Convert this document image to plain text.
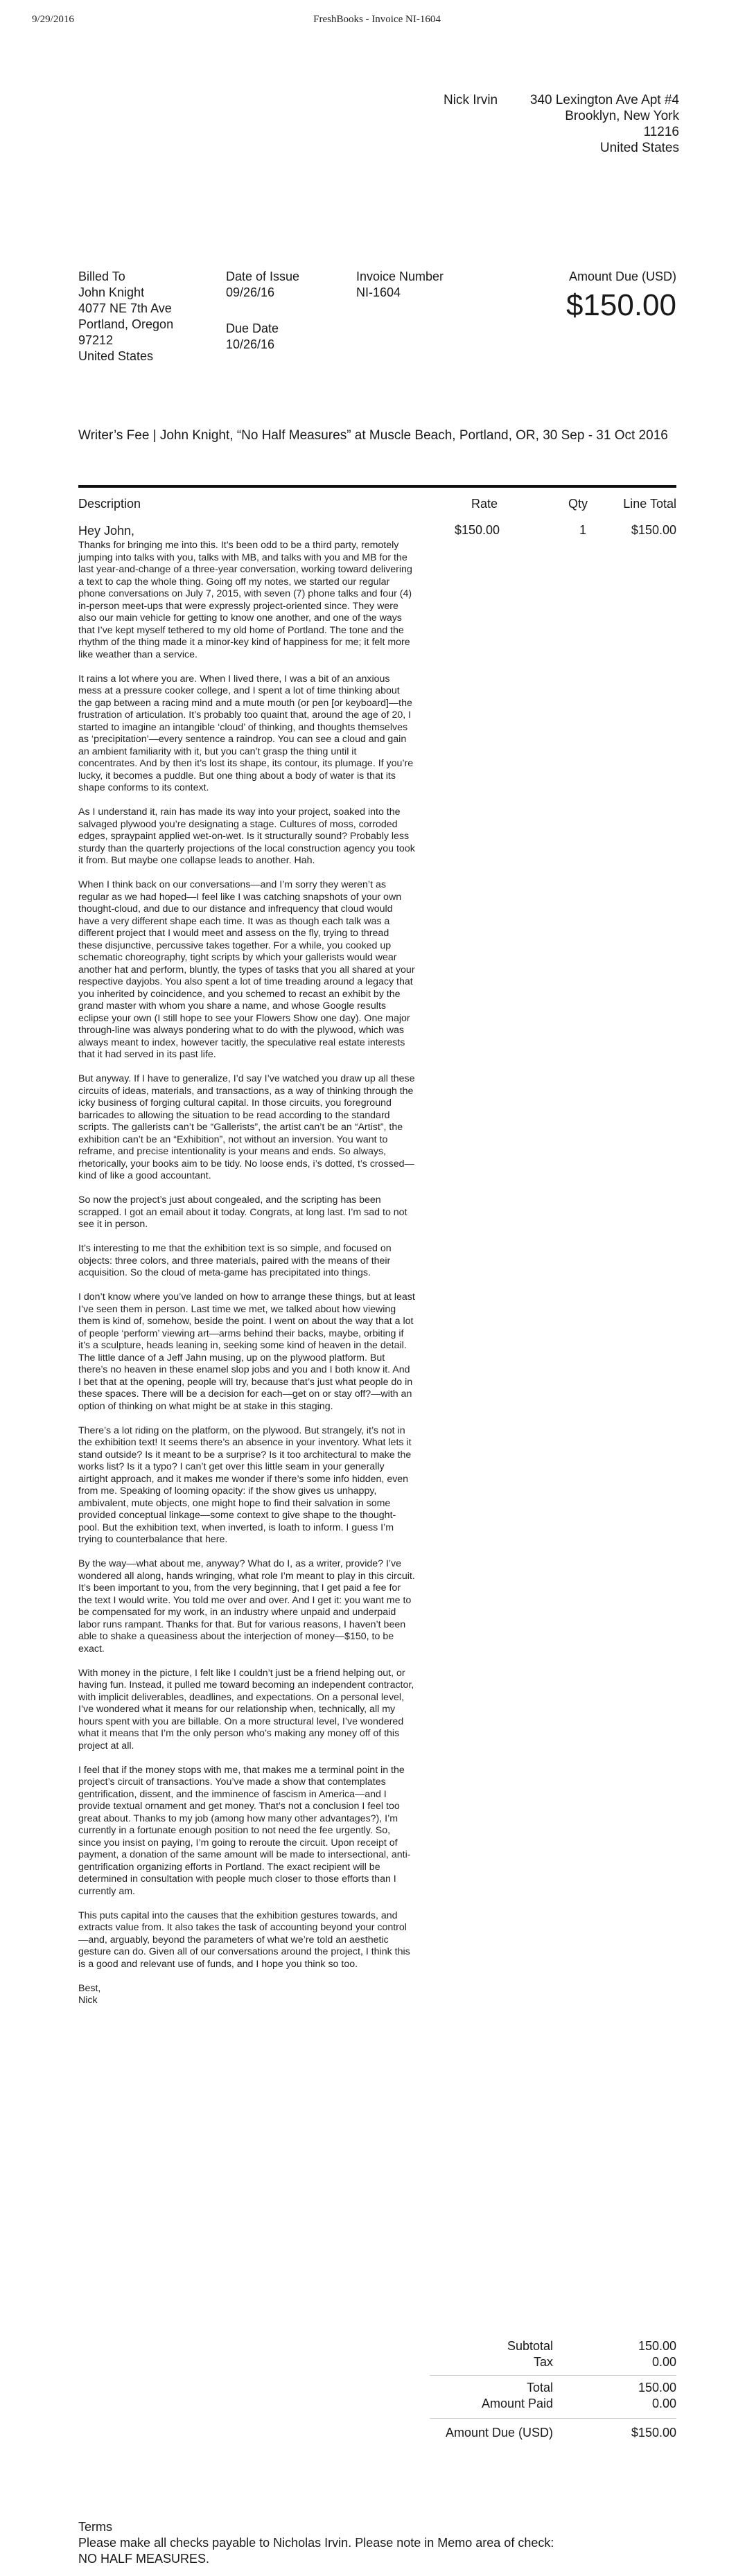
9/29/2016	FreshBooks - Invoice NI-1604
Nick Irvin	340 Lexington Ave Apt #4
Brooklyn, New York
11216
United States
Billed To
John Knight
4077 NE 7th Ave
Portland, Oregon
97212
United States
Date of Issue
09/26/16
Due Date
10/26/16
Invoice Number
NI-1604
Amount Due (USD)
$150.00
Writer’s Fee | John Knight, “No Half Measures” at Muscle Beach, Portland, OR, 30 Sep - 31 Oct 2016
Description	Rate	Qty	Line Total
$150.00	1	$150.00
Hey John,

Thanks for bringing me into this. It’s been odd to be a third party, remotely jumping into talks with you, talks with MB, and talks with you and MB for the last year-and-change of a three-year conversation, working toward delivering a text to cap the whole thing. Going off my notes, we started our regular phone conversations on July 7, 2015, with seven (7) phone talks and four (4) in-person meet-ups that were expressly project-oriented since. They were also our main vehicle for getting to know one another, and one of the ways that I’ve kept myself tethered to my old home of Portland. The tone and the rhythm of the thing made it a minor-key kind of happiness for me; it felt more like weather than a service.

It rains a lot where you are. When I lived there, I was a bit of an anxious mess at a pressure cooker college, and I spent a lot of time thinking about the gap between a racing mind and a mute mouth (or pen [or keyboard]—the frustration of articulation. It’s probably too quaint that, around the age of 20, I started to imagine an intangible ‘cloud’ of thinking, and thoughts themselves as ‘precipitation’—every sentence a raindrop. You can see a cloud and gain an ambient familiarity with it, but you can’t grasp the thing until it concentrates. And by then it’s lost its shape, its contour, its plumage. If you’re lucky, it becomes a puddle. But one thing about a body of water is that its shape conforms to its context.

As I understand it, rain has made its way into your project, soaked into the salvaged plywood you’re designating a stage. Cultures of moss, corroded edges, spraypaint applied wet-on-wet. Is it structurally sound? Probably less sturdy than the quarterly projections of the local construction agency you took it from. But maybe one collapse leads to another. Hah.

When I think back on our conversations—and I’m sorry they weren’t as regular as we had hoped—I feel like I was catching snapshots of your own thought-cloud, and due to our distance and infrequency that cloud would have a very different shape each time. It was as though each talk was a different project that I would meet and assess on the fly, trying to thread these disjunctive, percussive takes together. For a while, you cooked up schematic choreography, tight scripts by which your gallerists would wear another hat and perform, bluntly, the types of tasks that you all shared at your respective dayjobs. You also spent a lot of time treading around a legacy that you inherited by coincidence, and you schemed to recast an exhibit by the grand master with whom you share a name, and whose Google results eclipse your own (I still hope to see your Flowers Show one day). One major through-line was always pondering what to do with the plywood, which was always meant to index, however tacitly, the speculative real estate interests that it had served in its past life.

But anyway. If I have to generalize, I’d say I’ve watched you draw up all these circuits of ideas, materials, and transactions, as a way of thinking through the icky business of forging cultural capital. In those circuits, you foreground barricades to allowing the situation to be read according to the standard scripts. The gallerists can’t be “Gallerists”, the artist can’t be an “Artist”, the exhibition can’t be an “Exhibition”, not without an inversion. You want to reframe, and precise intentionality is your means and ends. So always, rhetorically, your books aim to be tidy. No loose ends, i’s dotted, t’s crossed—kind of like a good accountant.

So now the project’s just about congealed, and the scripting has been scrapped. I got an email about it today. Congrats, at long last. I’m sad to not see it in person.

It’s interesting to me that the exhibition text is so simple, and focused on objects: three colors, and three materials, paired with the means of their acquisition. So the cloud of meta-game has precipitated into things.

I don’t know where you’ve landed on how to arrange these things, but at least I’ve seen them in person. Last time we met, we talked about how viewing them is kind of, somehow, beside the point. I went on about the way that a lot of people ‘perform’ viewing art—arms behind their backs, maybe, orbiting if it’s a sculpture, heads leaning in, seeking some kind of heaven in the detail. The little dance of a Jeff Jahn musing, up on the plywood platform. But there’s no heaven in these enamel slop jobs and you and I both know it. And I bet that at the opening, people will try, because that’s just what people do in these spaces. There will be a decision for each—get on or stay off?—with an option of thinking on what might be at stake in this staging.

There’s a lot riding on the platform, on the plywood. But strangely, it’s not in the exhibition text! It seems there’s an absence in your inventory. What lets it stand outside? Is it meant to be a surprise? Is it too architectural to make the works list? Is it a typo? I can’t get over this little seam in your generally airtight approach, and it makes me wonder if there’s some info hidden, even from me. Speaking of looming opacity: if the show gives us unhappy, ambivalent, mute objects, one might hope to find their salvation in some provided conceptual linkage—some context to give shape to the thought-pool. But the exhibition text, when inverted, is loath to inform. I guess I’m trying to counterbalance that here.

By the way—what about me, anyway? What do I, as a writer, provide? I’ve wondered all along, hands wringing, what role I’m meant to play in this circuit. It’s been important to you, from the very beginning, that I get paid a fee for the text I would write. You told me over and over. And I get it: you want me to be compensated for my work, in an industry where unpaid and underpaid labor runs rampant. Thanks for that. But for various reasons, I haven’t been able to shake a queasiness about the interjection of money—$150, to be exact.

With money in the picture, I felt like I couldn’t just be a friend helping out, or having fun. Instead, it pulled me toward becoming an independent contractor, with implicit deliverables, deadlines, and expectations. On a personal level, I’ve wondered what it means for our relationship when, technically, all my hours spent with you are billable. On a more structural level, I’ve wondered what it means that I’m the only person who’s making any money off of this project at all.

I feel that if the money stops with me, that makes me a terminal point in the project’s circuit of transactions. You’ve made a show that contemplates gentrification, dissent, and the imminence of fascism in America—and I provide textual ornament and get money. That’s not a conclusion I feel too great about. Thanks to my job (among how many other advantages?), I’m currently in a fortunate enough position to not need the fee urgently. So, since you insist on paying, I’m going to reroute the circuit. Upon receipt of payment, a donation of the same amount will be made to intersectional, anti-gentrification organizing efforts in Portland. The exact recipient will be determined in consultation with people much closer to those efforts than I currently am.

This puts capital into the causes that the exhibition gestures towards, and extracts value from. It also takes the task of accounting beyond your control—and, arguably, beyond the parameters of what we’re told an aesthetic gesture can do. Given all of our conversations around the project, I think this is a good and relevant use of funds, and I hope you think so too.

Best,
Nick
Subtotal	150.00
Tax	0.00
Total	150.00
Amount Paid	0.00
Amount Due (USD)	$150.00
Terms
Please make all checks payable to Nicholas Irvin. Please note in Memo area of check:
NO HALF MEASURES.
